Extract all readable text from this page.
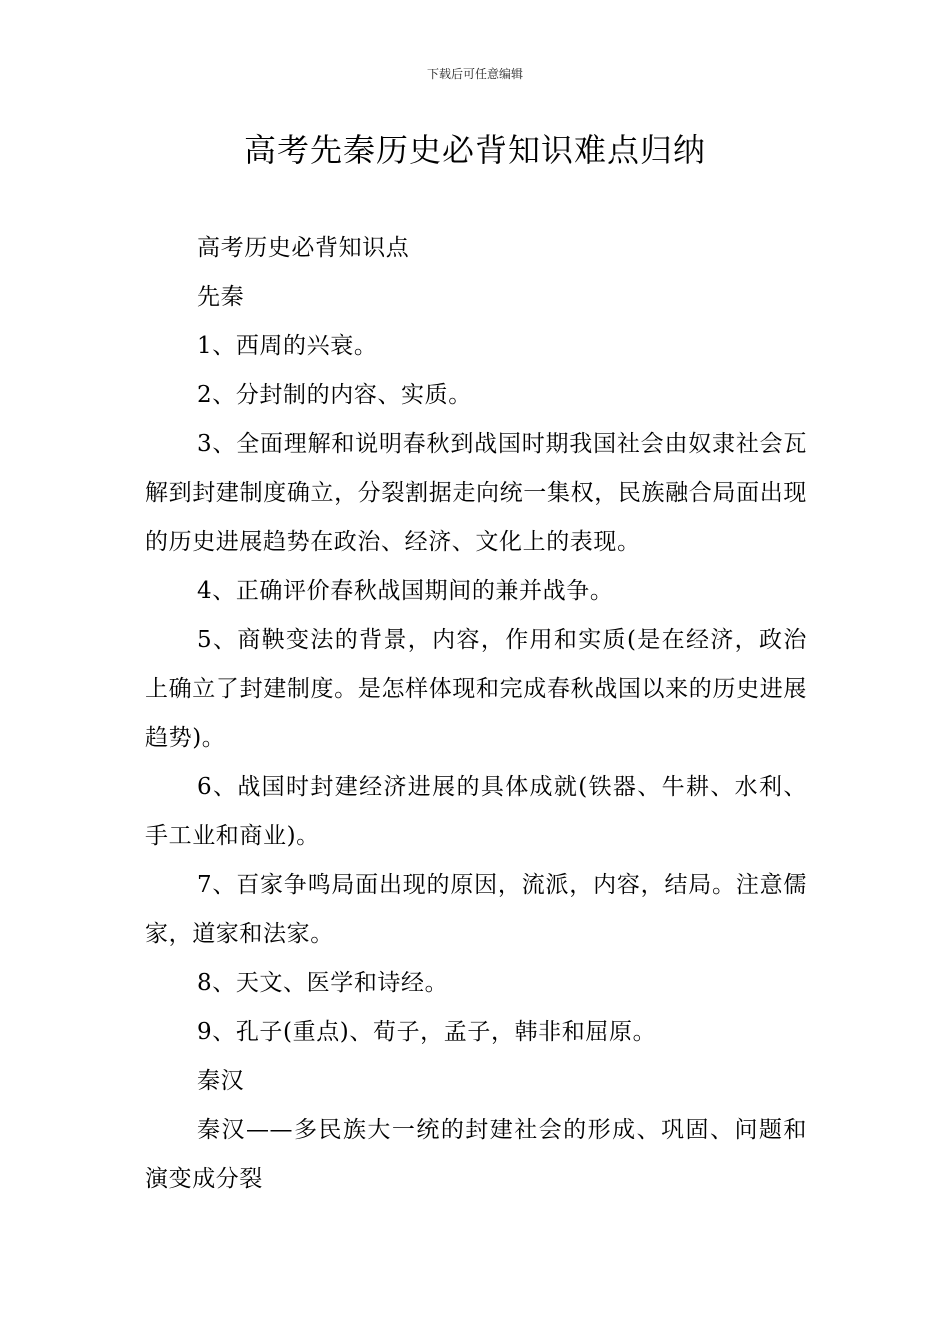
下载后可任意编辑
高考先秦历史必背知识难点归纳

高考历史必背知识点

先秦

1、西周的兴衰。

2、分封制的内容、实质。

3、全面理解和说明春秋到战国时期我国社会由奴隶社会瓦解到封建制度确立，分裂割据走向统一集权，民族融合局面出现的历史进展趋势在政治、经济、文化上的表现。

4、正确评价春秋战国期间的兼并战争。

5、商鞅变法的背景，内容，作用和实质(是在经济，政治上确立了封建制度。是怎样体现和完成春秋战国以来的历史进展趋势)。

6、战国时封建经济进展的具体成就(铁器、牛耕、水利、手工业和商业)。

7、百家争鸣局面出现的原因，流派，内容，结局。注意儒家，道家和法家。

8、天文、医学和诗经。

9、孔子(重点)、荀子，孟子，韩非和屈原。

秦汉

秦汉——多民族大一统的封建社会的形成、巩固、问题和演变成分裂
